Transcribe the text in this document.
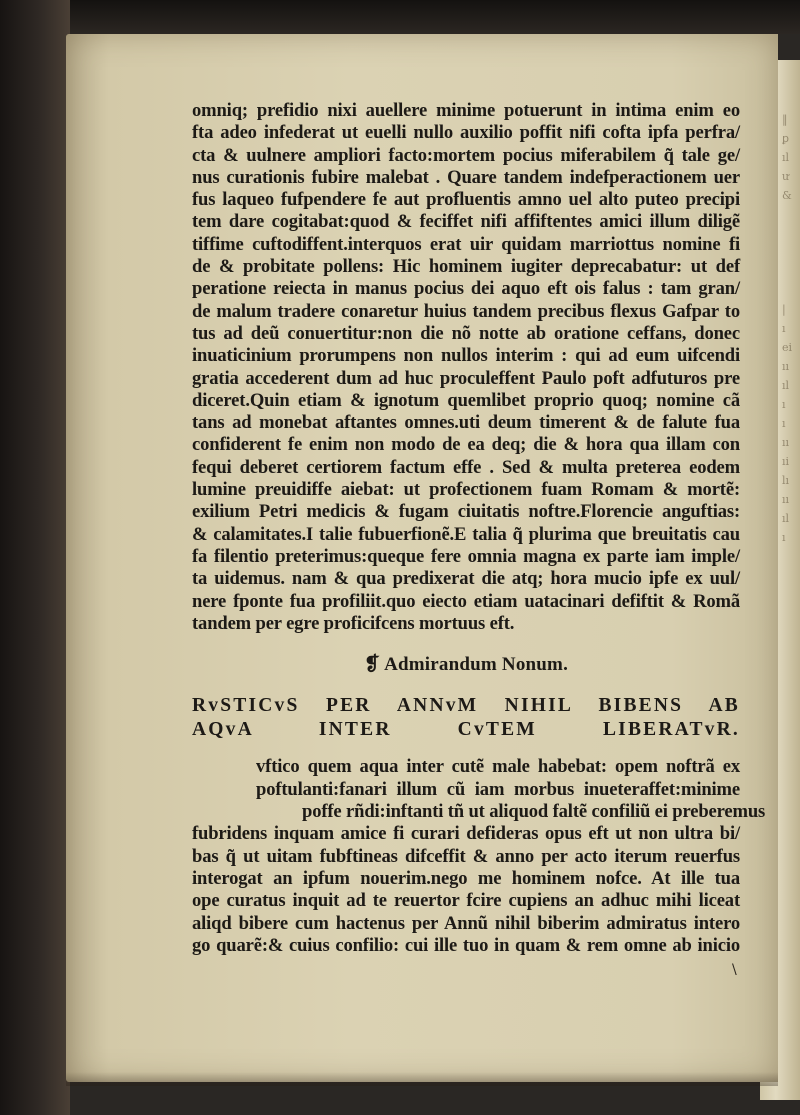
‖
ꝑ
ıl
ư
&

|
ı
ei
ıı
ıl
ı
ı
ıı
ıi
lı
ıı
ıl
ı

omniq; prefidio nixi auellere minime potuerunt in intima enim eo
fta adeo infederat ut euelli nullo auxilio poffit nifi cofta ipfa perfra/
cta & uulnere ampliori facto:mortem pocius miferabilem q̃ tale ge/
nus curationis fubire malebat . Quare tandem indefperactionem uer
fus laqueo fufpendere fe aut profluentis amno uel alto puteo precipi
tem dare cogitabat:quod & feciffet nifi affiftentes amici illum diligẽ
tiffime cuftodiffent.interquos erat uir quidam marriottus nomine fi
de & probitate pollens: Hic hominem iugiter deprecabatur: ut def
peratione reiecta in manus pocius dei aquo eft ois falus : tam gran/
de malum tradere conaretur huius tandem precibus flexus Gafpar to
tus ad deũ conuertitur:non die nõ notte ab oratione ceffans, donec
inuaticinium prorumpens non nullos interim : qui ad eum uifcendi
gratia accederent dum ad huc proculeffent Paulo poft adfuturos pre
diceret.Quin etiam & ignotum quemlibet proprio quoq; nomine cã
tans ad monebat aftantes omnes.uti deum timerent & de falute fua
confiderent fe enim non modo de ea deq; die & hora qua illam con
fequi deberet certiorem factum effe . Sed & multa preterea eodem
lumine preuidiffe aiebat: ut profectionem fuam Romam & mortẽ:
exilium Petri medicis & fugam ciuitatis noftre.Florencie anguftias:
& calamitates.I talie fubuerfionẽ.E talia q̃ plurima que breuitatis cau
fa filentio preterimus:queque fere omnia magna ex parte iam imple/
ta uidemus. nam & qua predixerat die atq; hora mucio ipfe ex uul/
nere fponte fua profiliit.quo eiecto etiam uatacinari defiftit & Romã
tandem per egre proficifcens mortuus eft.
❡ Admirandum Nonum.
RvSTICvS PER ANNvM NIHIL BIBENS AB
AQvA INTER CvTEM LIBERATvR.
vftico quem aqua inter cutẽ male habebat: opem noftrã ex
poftulanti:fanari illum cũ iam morbus inueteraffet:minime
poffe rñdi:inftanti tñ ut aliquod faltẽ confiliũ ei preberemus
fubridens inquam amice fi curari defideras opus eft ut non ultra bi/
bas q̃ ut uitam fubftineas difceffit & anno per acto iterum reuerfus
interogat an ipfum nouerim.nego me hominem nofce. At ille tua
ope curatus inquit ad te reuertor fcire cupiens an adhuc mihi liceat
aliqd bibere cum hactenus per Annũ nihil biberim admiratus intero
go quarẽ:& cuius confilio: cui ille tuo in quam & rem omne ab inicio
\
